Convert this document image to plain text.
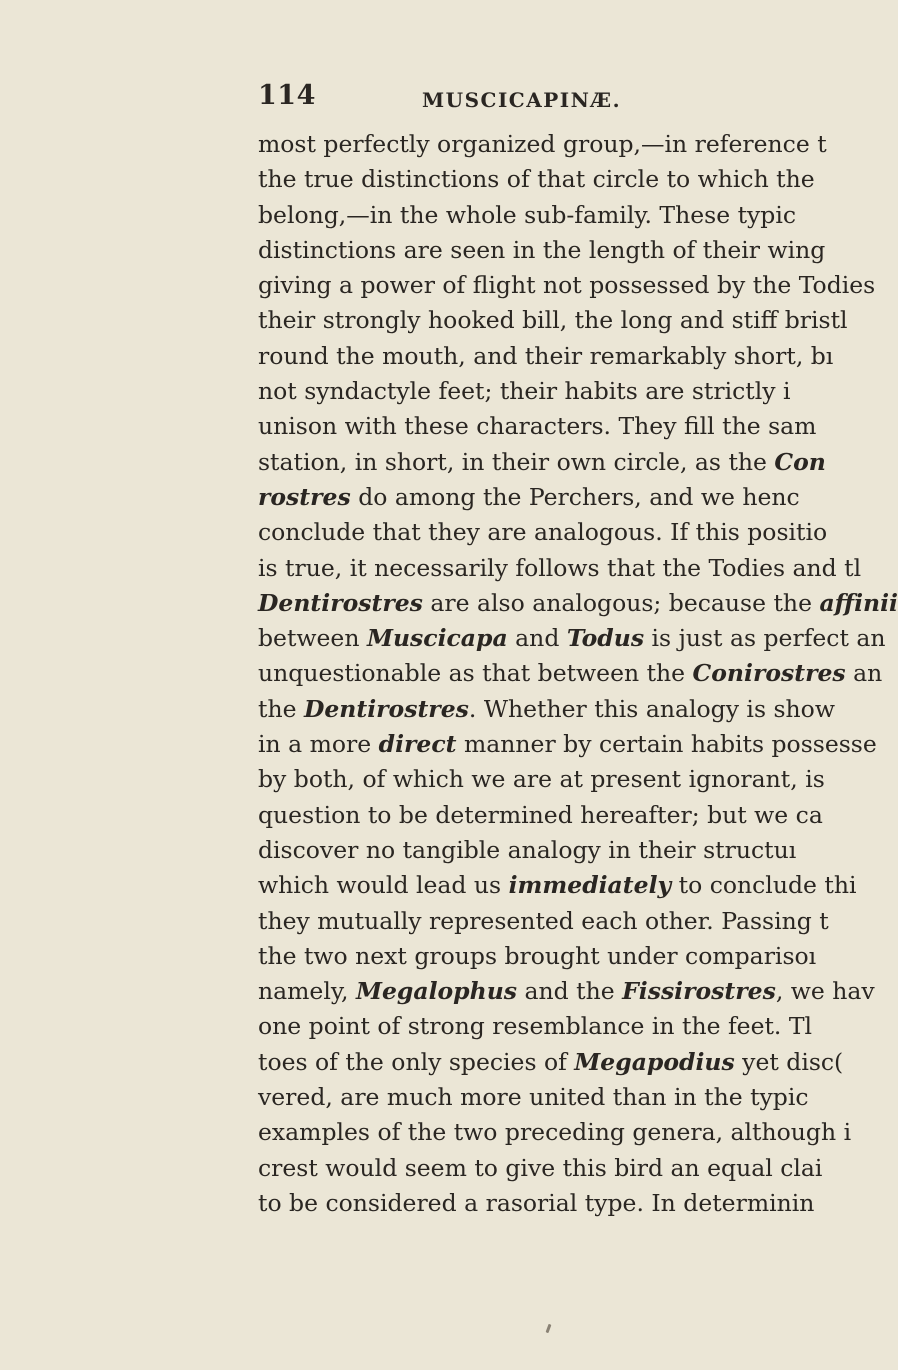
114	MUSCICAPINÆ.
most perfectly organized group,—in reference t
the true distinctions of that circle to which the
belong,—in the whole sub-family. These typic
distinctions are seen in the length of their wing
giving a power of flight not possessed by the Todies
their strongly hooked bill, the long and stiff bristl
round the mouth, and their remarkably short, bı
not syndactyle feet; their habits are strictly i
unison with these characters. They fill the sam
station, in short, in their own circle, as the Con
rostres do among the Perchers, and we henc
conclude that they are analogous. If this positio
is true, it necessarily follows that the Todies and tl
Dentirostres are also analogous; because the affinii
between Muscicapa and Todus is just as perfect an
unquestionable as that between the Conirostres an
the Dentirostres. Whether this analogy is show
in a more direct manner by certain habits possesse
by both, of which we are at present ignorant, is
question to be determined hereafter; but we ca
discover no tangible analogy in their structuı
which would lead us immediately to conclude thi
they mutually represented each other. Passing t
the two next groups brought under comparisoı
namely, Megalophus and the Fissirostres, we hav
one point of strong resemblance in the feet. Tl
toes of the only species of Megapodius yet disc(
vered, are much more united than in the typic
examples of the two preceding genera, although i
crest would seem to give this bird an equal clai
to be considered a rasorial type. In determinin
